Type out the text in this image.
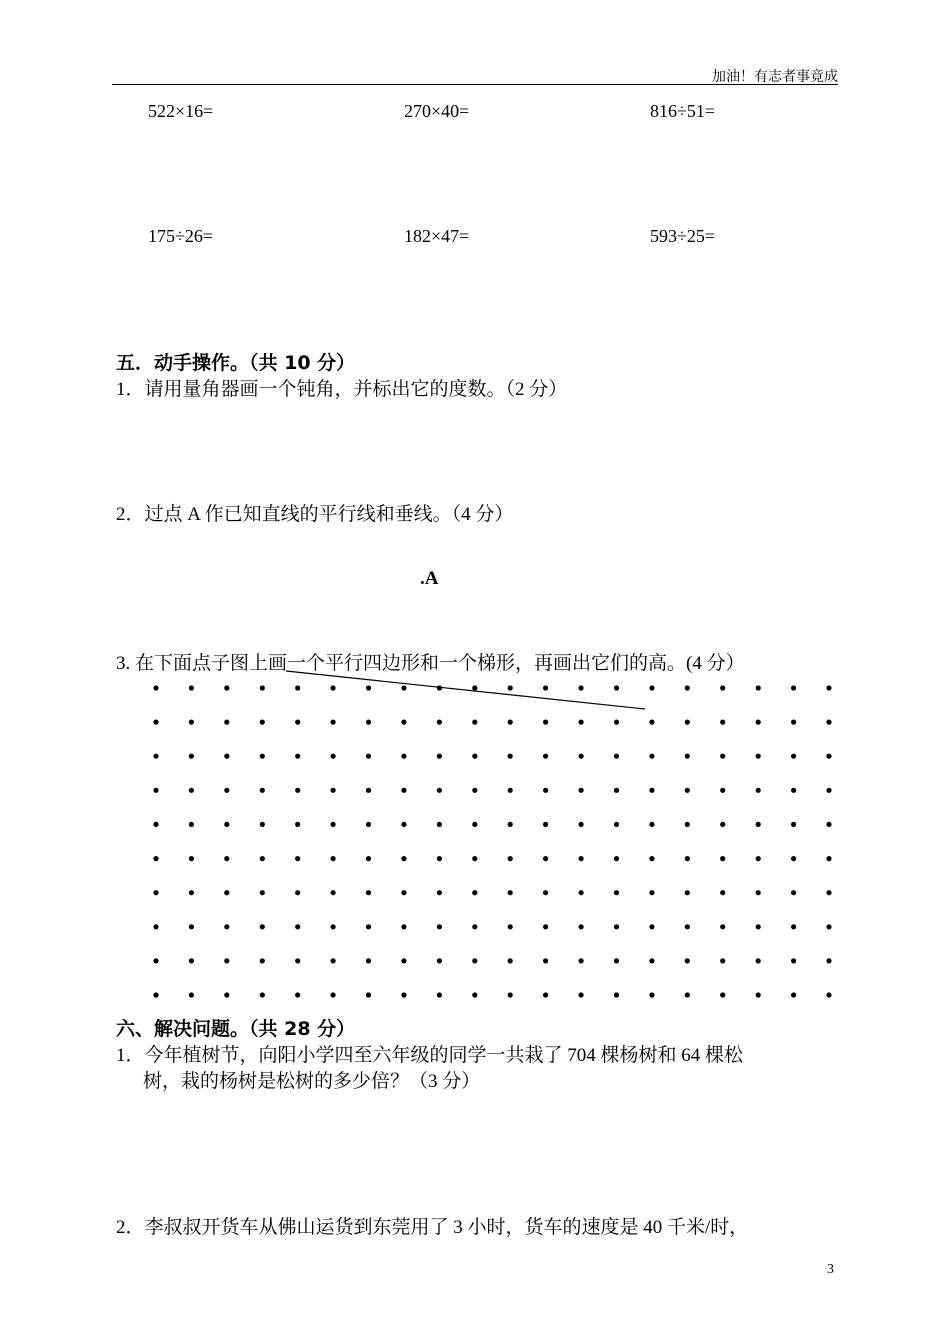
加油！有志者事竟成
522×16=	270×40=	816÷51=
175÷26=	182×47=	593÷25=
五．动手操作。（共 10 分）
1．请用量角器画一个钝角，并标出它的度数。（2 分）
2．过点 A 作已知直线的平行线和垂线。（4 分）
.A
3. 在下面点子图上画一个平行四边形和一个梯形，再画出它们的高。(4 分）
六、解决问题。（共 28 分）
1．今年植树节，向阳小学四至六年级的同学一共栽了 704 棵杨树和 64 棵松
树，栽的杨树是松树的多少倍？（3 分）
2．李叔叔开货车从佛山运货到东莞用了 3 小时，货车的速度是 40 千米/时，
3
